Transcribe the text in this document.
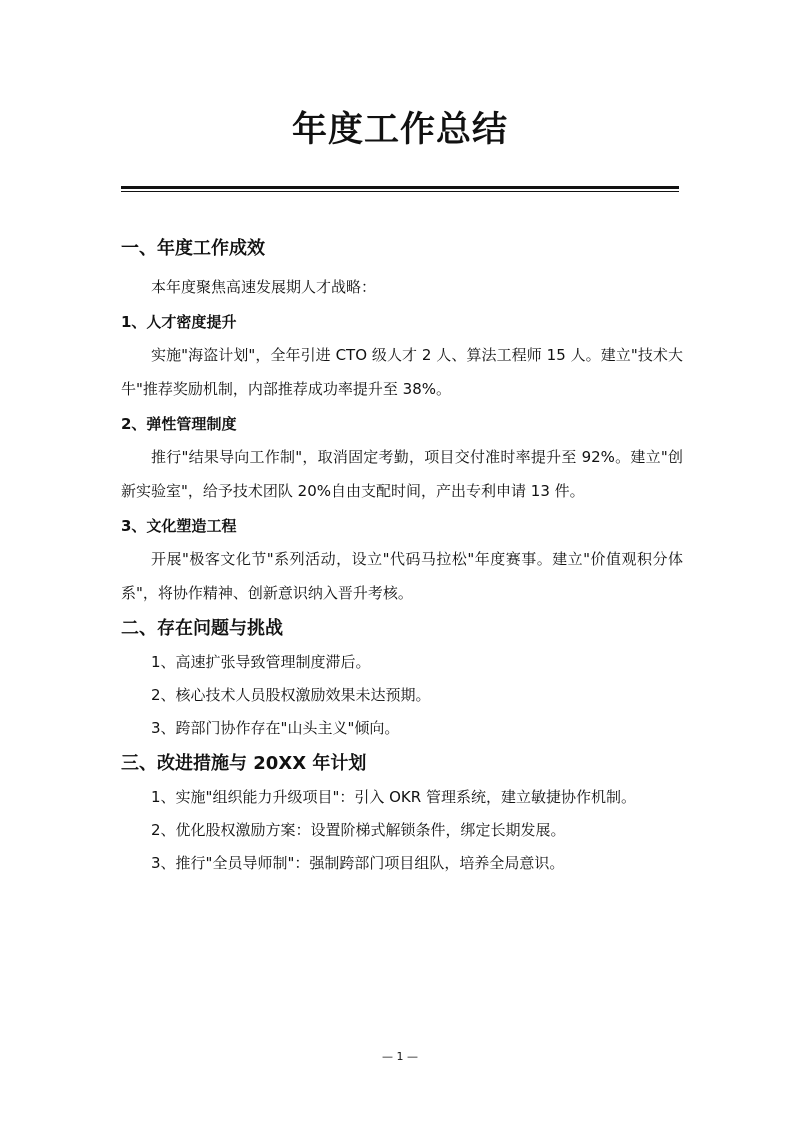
年度工作总结
一、年度工作成效

本年度聚焦高速发展期人才战略：

1、人才密度提升

实施"海盗计划"，全年引进 CTO 级人才 2 人、算法工程师 15 人。建立"技术大牛"推荐奖励机制，内部推荐成功率提升至 38%。

2、弹性管理制度

推行"结果导向工作制"，取消固定考勤，项目交付准时率提升至 92%。建立"创新实验室"，给予技术团队 20%自由支配时间，产出专利申请 13 件。

3、文化塑造工程

开展"极客文化节"系列活动，设立"代码马拉松"年度赛事。建立"价值观积分体系"，将协作精神、创新意识纳入晋升考核。

二、存在问题与挑战

1、高速扩张导致管理制度滞后。

2、核心技术人员股权激励效果未达预期。

3、跨部门协作存在"山头主义"倾向。

三、改进措施与 20XX 年计划

1、实施"组织能力升级项目"：引入 OKR 管理系统，建立敏捷协作机制。

2、优化股权激励方案：设置阶梯式解锁条件，绑定长期发展。

3、推行"全员导师制"：强制跨部门项目组队，培养全局意识。

— 1 —
